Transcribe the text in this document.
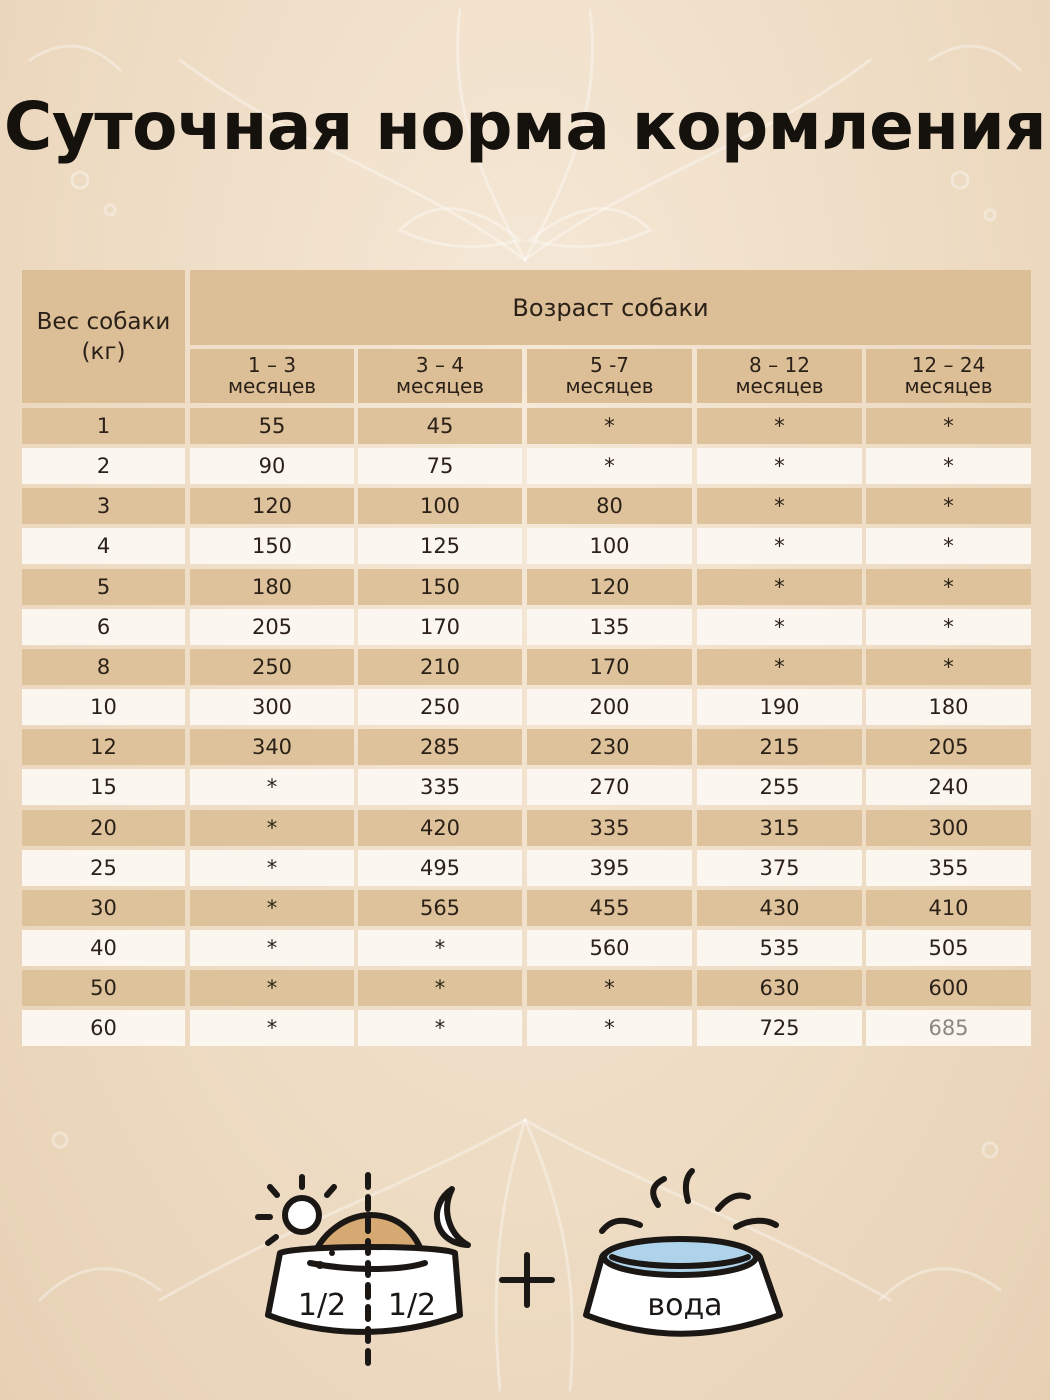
Суточная норма кормления
Вес собаки
(кг)
Возраст собаки
1 – 3
месяцев
3 – 4
месяцев
5 -7
месяцев
8 – 12
месяцев
12 – 24
месяцев
1	55	45	*	*	*
2	90	75	*	*	*
3	120	100	80	*	*
4	150	125	100	*	*
5	180	150	120	*	*
6	205	170	135	*	*
8	250	210	170	*	*
10	300	250	200	190	180
12	340	285	230	215	205
15	*	335	270	255	240
20	*	420	335	315	300
25	*	495	395	375	355
30	*	565	455	430	410
40	*	*	560	535	505
50	*	*	*	630	600
60	*	*	*	725	685
1/2 1/2	вода
